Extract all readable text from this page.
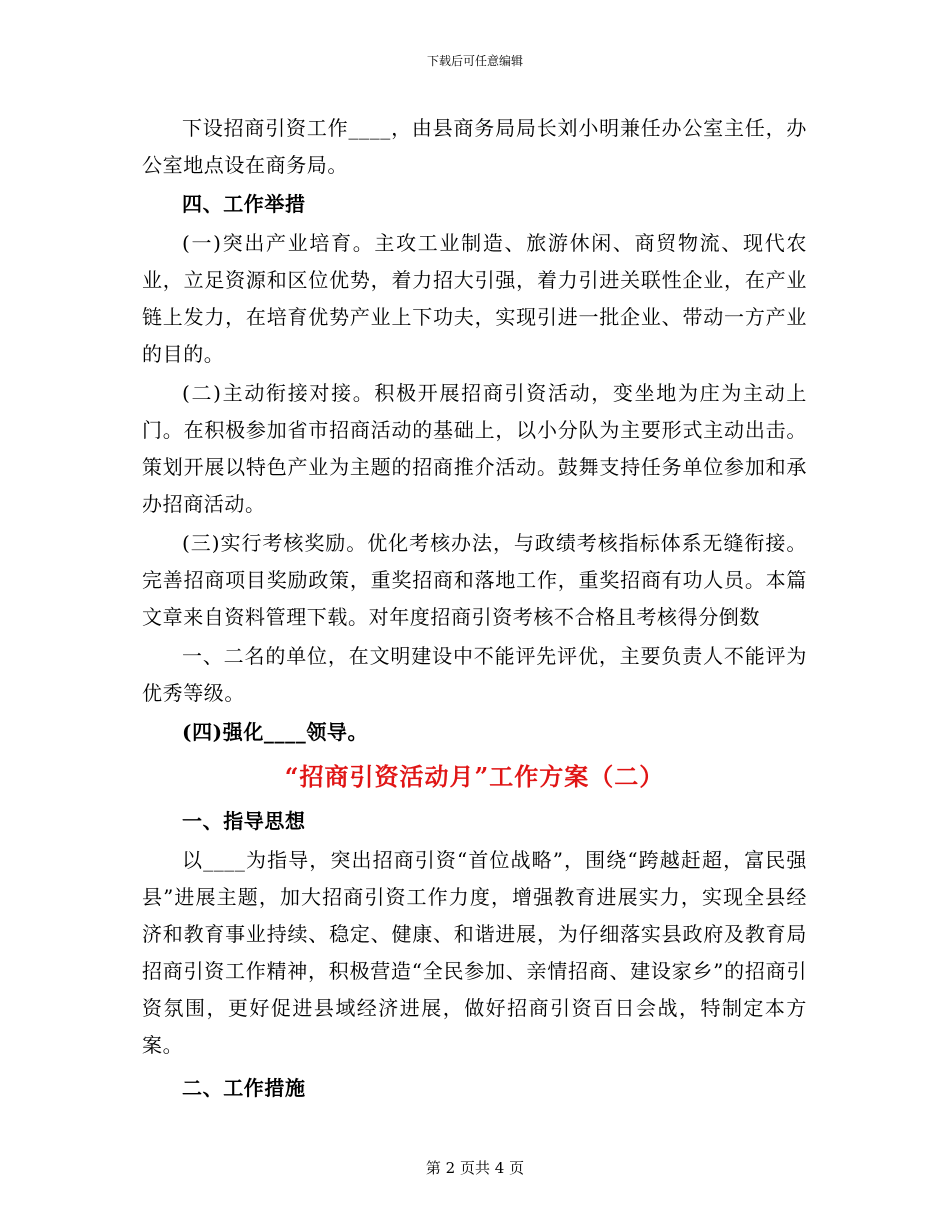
下载后可任意编辑

下设招商引资工作____，由县商务局局长刘小明兼任办公室主任，办公室地点设在商务局。

四、工作举措

(一)突出产业培育。主攻工业制造、旅游休闲、商贸物流、现代农业，立足资源和区位优势，着力招大引强，着力引进关联性企业，在产业链上发力，在培育优势产业上下功夫，实现引进一批企业、带动一方产业的目的。

(二)主动衔接对接。积极开展招商引资活动，变坐地为庄为主动上门。在积极参加省市招商活动的基础上，以小分队为主要形式主动出击。策划开展以特色产业为主题的招商推介活动。鼓舞支持任务单位参加和承办招商活动。

(三)实行考核奖励。优化考核办法，与政绩考核指标体系无缝衔接。完善招商项目奖励政策，重奖招商和落地工作，重奖招商有功人员。本篇文章来自资料管理下载。对年度招商引资考核不合格且考核得分倒数

一、二名的单位，在文明建设中不能评先评优，主要负责人不能评为优秀等级。

(四)强化____领导。

“招商引资活动月”工作方案（二）

一、指导思想

以____为指导，突出招商引资“首位战略”，围绕“跨越赶超，富民强县”进展主题，加大招商引资工作力度，增强教育进展实力，实现全县经济和教育事业持续、稳定、健康、和谐进展，为仔细落实县政府及教育局招商引资工作精神，积极营造“全民参加、亲情招商、建设家乡”的招商引资氛围，更好促进县域经济进展，做好招商引资百日会战，特制定本方案。

二、工作措施

第 2 页共 4 页
